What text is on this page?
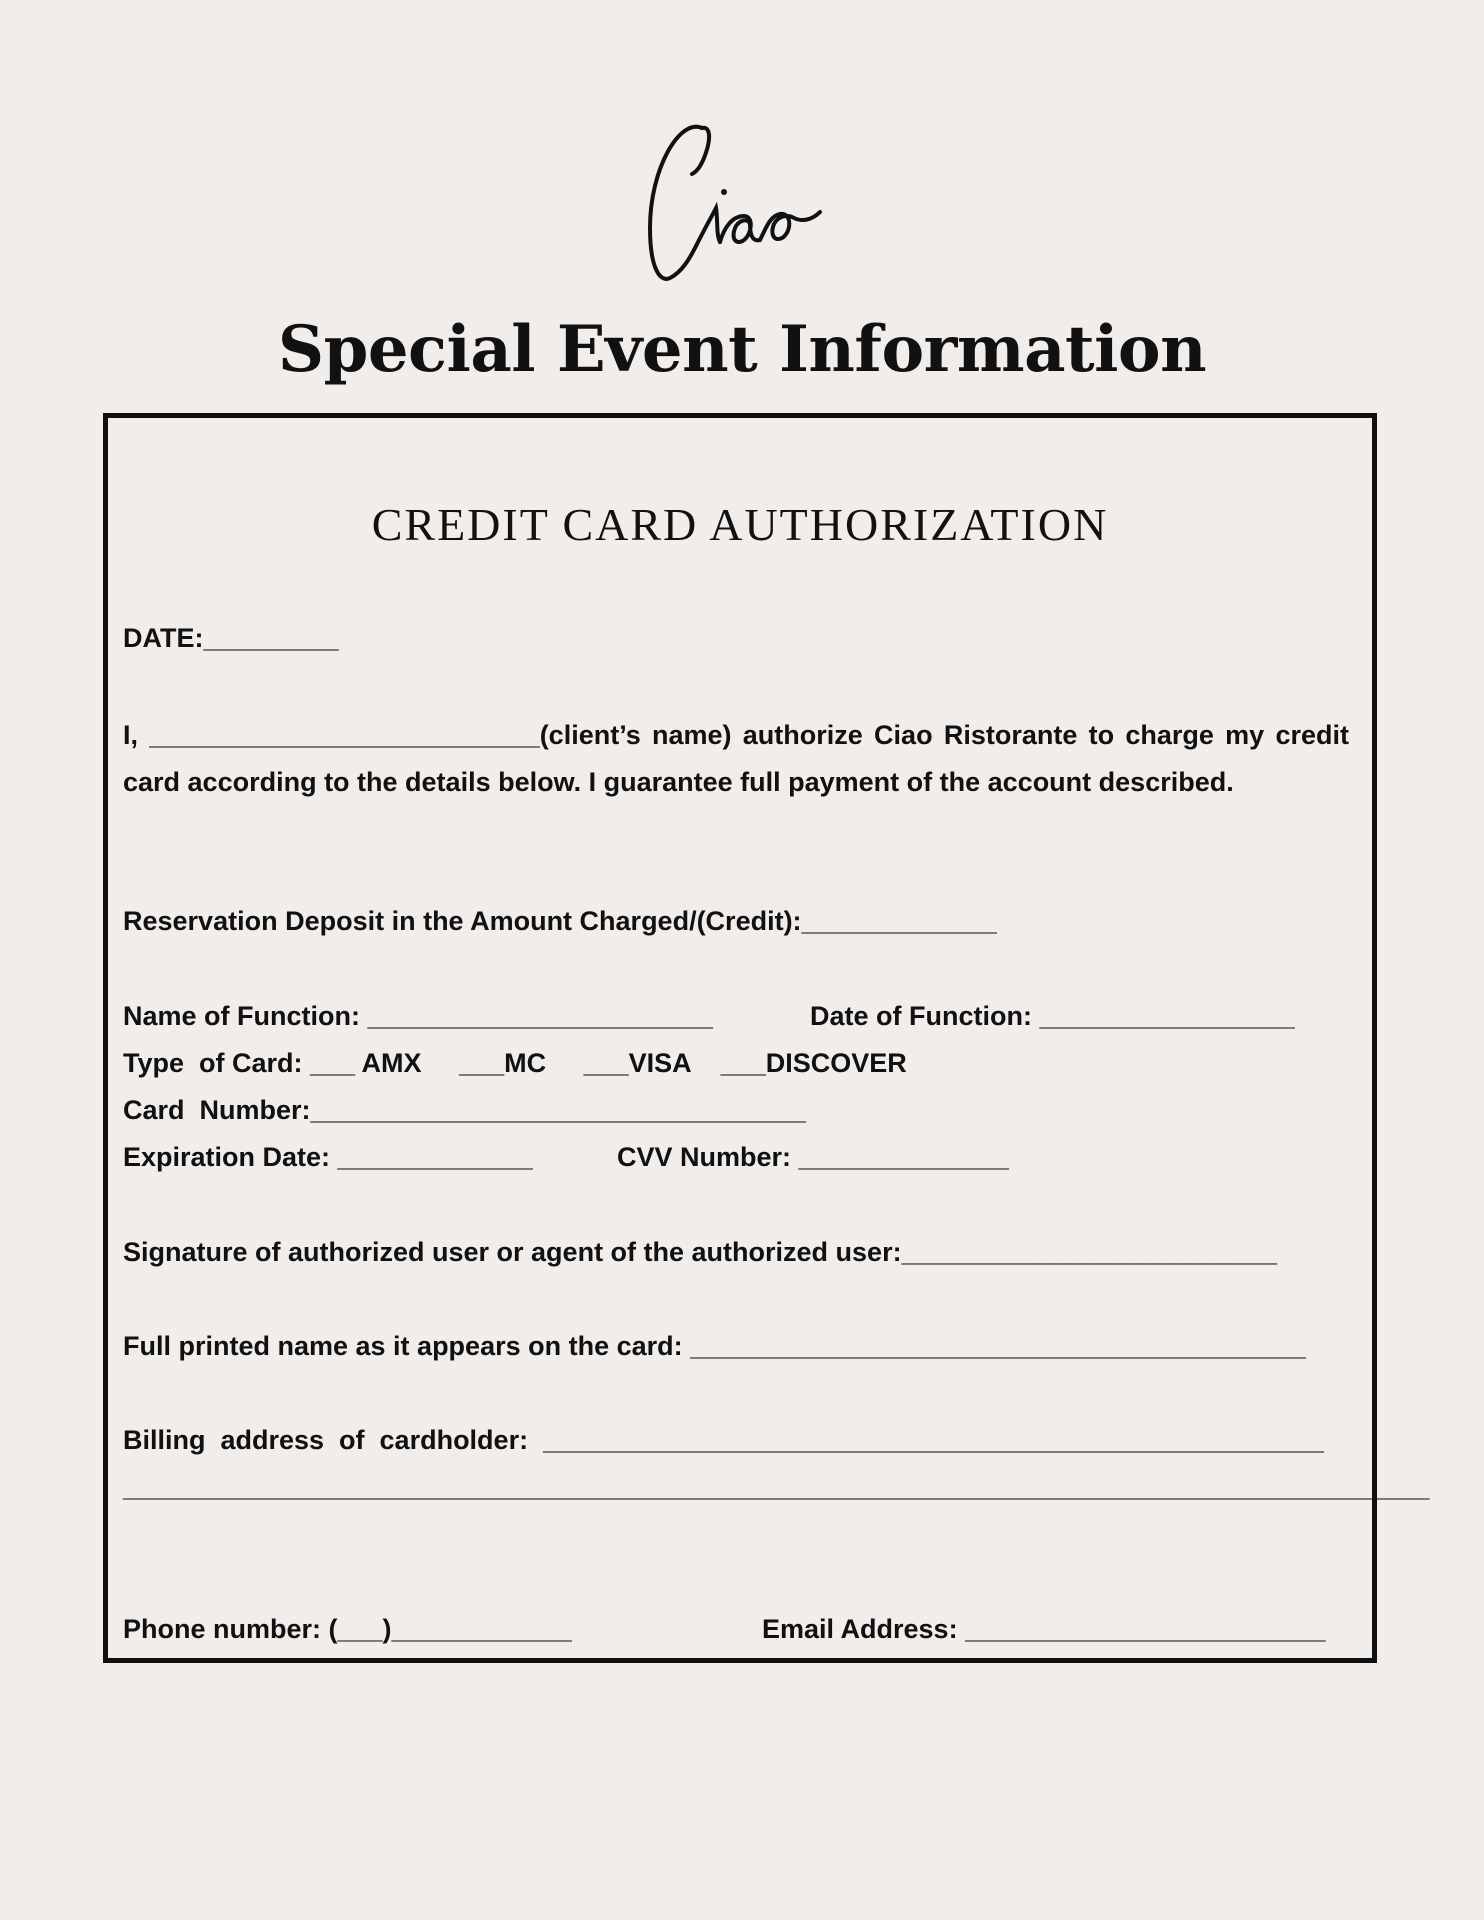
Special Event Information
CREDIT CARD AUTHORIZATION
DATE:_________
I, __________________________(client’s name) authorize Ciao Ristorante to charge my credit card according to the details below. I guarantee full payment of the account described.
Reservation Deposit in the Amount Charged/(Credit):_____________
Name of Function: _______________________	Date of Function: _________________
Type  of Card: ___ AMX     ___MC     ___VISA    ___DISCOVER
Card  Number:_________________________________
Expiration Date: _____________	CVV Number: ______________
Signature of authorized user or agent of the authorized user:_________________________
Full printed name as it appears on the card: _________________________________________
Billing  address  of  cardholder:  ____________________________________________________
_______________________________________________________________________________________
Phone number: (___)____________	Email Address: ________________________
